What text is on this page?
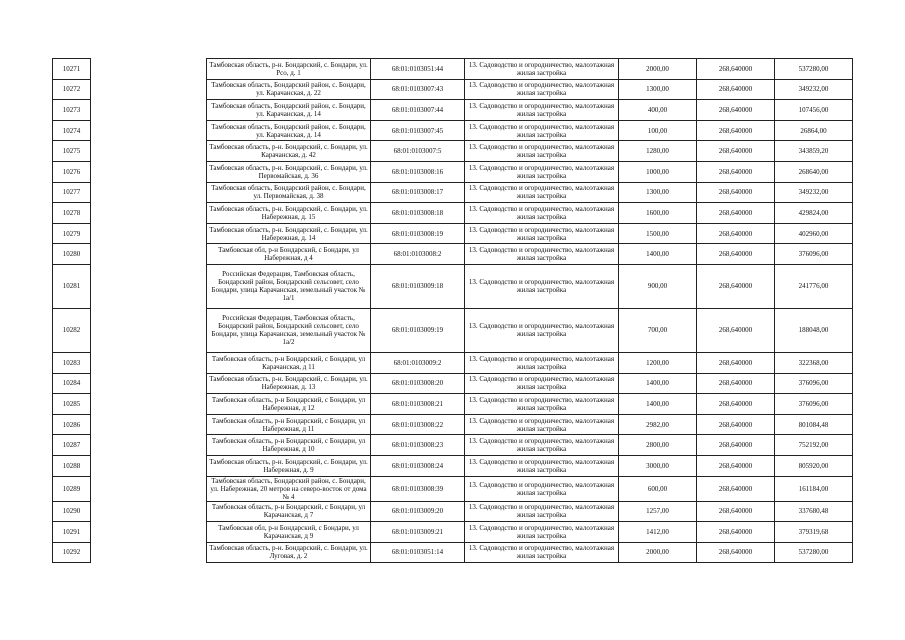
10271		Тамбовская область, р-н. Бондарский, с. Бондари, ул. Рсо, д. 1	68:01:0103051:44	13. Садоводство и огородничество, малоэтажная жилая застройка	2000,00	268,640000	537280,00
10272		Тамбовская область, Бондарский район, с. Бондари, ул. Карачанская, д. 22	68:01:0103007:43	13. Садоводство и огородничество, малоэтажная жилая застройка	1300,00	268,640000	349232,00
10273		Тамбовская область, Бондарский район, с. Бондари, ул. Карачанская, д. 14	68:01:0103007:44	13. Садоводство и огородничество, малоэтажная жилая застройка	400,00	268,640000	107456,00
10274		Тамбовская область, Бондарский район, с. Бондари, ул. Карачанская, д. 14	68:01:0103007:45	13. Садоводство и огородничество, малоэтажная жилая застройка	100,00	268,640000	26864,00
10275		Тамбовская область, р-н. Бондарский, с. Бондари, ул. Карачанская, д. 42	68:01:0103007:5	13. Садоводство и огородничество, малоэтажная жилая застройка	1280,00	268,640000	343859,20
10276		Тамбовская область, р-н. Бондарский, с. Бондари, ул. Первомайская, д. 36	68:01:0103008:16	13. Садоводство и огородничество, малоэтажная жилая застройка	1000,00	268,640000	268640,00
10277		Тамбовская область, Бондарский район, с. Бондари, ул. Первомайская, д. 38	68:01:0103008:17	13. Садоводство и огородничество, малоэтажная жилая застройка	1300,00	268,640000	349232,00
10278		Тамбовская область, р-н. Бондарский, с. Бондари, ул. Набережная, д. 15	68:01:0103008:18	13. Садоводство и огородничество, малоэтажная жилая застройка	1600,00	268,640000	429824,00
10279		Тамбовская область, р-н. Бондарский, с. Бондари, ул. Набережная, д. 14	68:01:0103008:19	13. Садоводство и огородничество, малоэтажная жилая застройка	1500,00	268,640000	402960,00
10280		Тамбовская обл, р-н Бондарский, с Бондари, ул Набережная, д 4	68:01:0103008:2	13. Садоводство и огородничество, малоэтажная жилая застройка	1400,00	268,640000	376096,00
10281		Российская Федерация, Тамбовская область, Бондарский район, Бондарский сельсовет, село Бондари, улица Карачанская, земельный участок № 1а/1	68:01:0103009:18	13. Садоводство и огородничество, малоэтажная жилая застройка	900,00	268,640000	241776,00
10282		Российская Федерация, Тамбовская область, Бондарский район, Бондарский сельсовет, село Бондари, улица Карачанская, земельный участок № 1а/2	68:01:0103009:19	13. Садоводство и огородничество, малоэтажная жилая застройка	700,00	268,640000	188048,00
10283		Тамбовская область, р-н Бондарский, с Бондари, ул Карачанская, д 11	68:01:0103009:2	13. Садоводство и огородничество, малоэтажная жилая застройка	1200,00	268,640000	322368,00
10284		Тамбовская область, р-н. Бондарский, с. Бондари, ул. Набережная, д. 13	68:01:0103008:20	13. Садоводство и огородничество, малоэтажная жилая застройка	1400,00	268,640000	376096,00
10285		Тамбовская область, р-н Бондарский, с Бондари, ул Набережная, д 12	68:01:0103008:21	13. Садоводство и огородничество, малоэтажная жилая застройка	1400,00	268,640000	376096,00
10286		Тамбовская область, р-н Бондарский, с Бондари, ул Набережная, д 11	68:01:0103008:22	13. Садоводство и огородничество, малоэтажная жилая застройка	2982,00	268,640000	801084,48
10287		Тамбовская область, р-н Бондарский, с Бондари, ул Набережная, д 10	68:01:0103008:23	13. Садоводство и огородничество, малоэтажная жилая застройка	2800,00	268,640000	752192,00
10288		Тамбовская область, р-н. Бондарский, с. Бондари, ул. Набережная, д. 9	68:01:0103008:24	13. Садоводство и огородничество, малоэтажная жилая застройка	3000,00	268,640000	805920,00
10289		Тамбовская область, Бондарский район, с. Бондари, ул. Набережная, 20 метров на северо-восток от дома № 4	68:01:0103008:39	13. Садоводство и огородничество, малоэтажная жилая застройка	600,00	268,640000	161184,00
10290		Тамбовская область, р-н Бондарский, с Бондари, ул Карачанская, д 7	68:01:0103009:20	13. Садоводство и огородничество, малоэтажная жилая застройка	1257,00	268,640000	337680,48
10291		Тамбовская обл, р-н Бондарский, с Бондари, ул Карачанская, д 9	68:01:0103009:21	13. Садоводство и огородничество, малоэтажная жилая застройка	1412,00	268,640000	379319,68
10292		Тамбовская область, р-н. Бондарский, с. Бондари, ул. Луговая, д. 2	68:01:0103051:14	13. Садоводство и огородничество, малоэтажная жилая застройка	2000,00	268,640000	537280,00
